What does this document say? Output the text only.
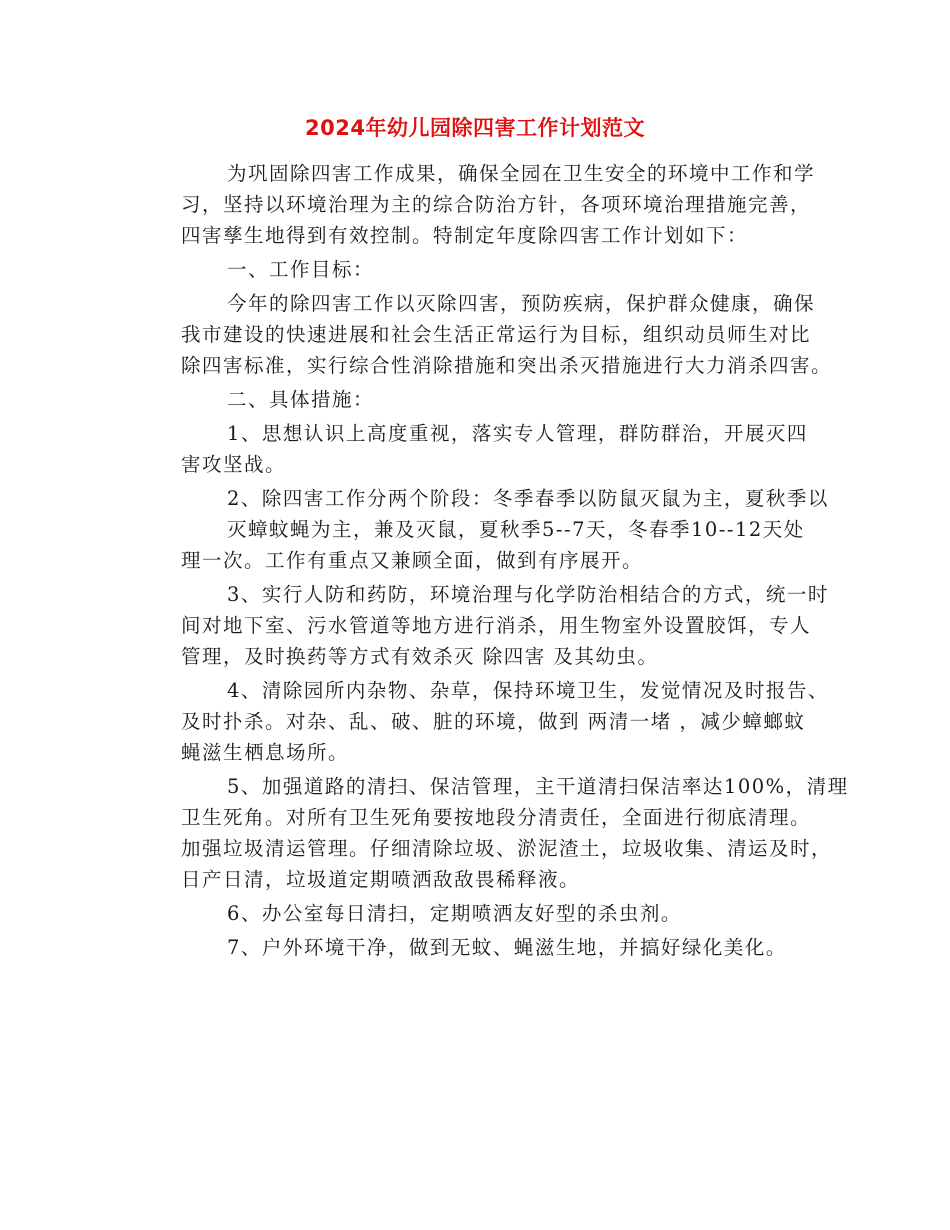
2024年幼儿园除四害工作计划范文
为巩固除四害工作成果，确保全园在卫生安全的环境中工作和学
习，坚持以环境治理为主的综合防治方针，各项环境治理措施完善，
四害孳生地得到有效控制。特制定年度除四害工作计划如下：
一、工作目标：
今年的除四害工作以灭除四害，预防疾病，保护群众健康，确保
我市建设的快速进展和社会生活正常运行为目标，组织动员师生对比
除四害标准，实行综合性消除措施和突出杀灭措施进行大力消杀四害。
二、具体措施：
1、思想认识上高度重视，落实专人管理，群防群治，开展灭四
害攻坚战。
2、除四害工作分两个阶段：冬季春季以防鼠灭鼠为主，夏秋季以
灭蟑蚊蝇为主，兼及灭鼠，夏秋季5--7天，冬春季10--12天处
理一次。工作有重点又兼顾全面，做到有序展开。
3、实行人防和药防，环境治理与化学防治相结合的方式，统一时
间对地下室、污水管道等地方进行消杀，用生物室外设置胶饵，专人
管理，及时换药等方式有效杀灭 除四害 及其幼虫。
4、清除园所内杂物、杂草，保持环境卫生，发觉情况及时报告、
及时扑杀。对杂、乱、破、脏的环境，做到 两清一堵 ，减少蟑螂蚊
蝇滋生栖息场所。
5、加强道路的清扫、保洁管理，主干道清扫保洁率达100%，清理
卫生死角。对所有卫生死角要按地段分清责任，全面进行彻底清理。
加强垃圾清运管理。仔细清除垃圾、淤泥渣土，垃圾收集、清运及时，
日产日清，垃圾道定期喷洒敌敌畏稀释液。
6、办公室每日清扫，定期喷洒友好型的杀虫剂。
7、户外环境干净，做到无蚊、蝇滋生地，并搞好绿化美化。
